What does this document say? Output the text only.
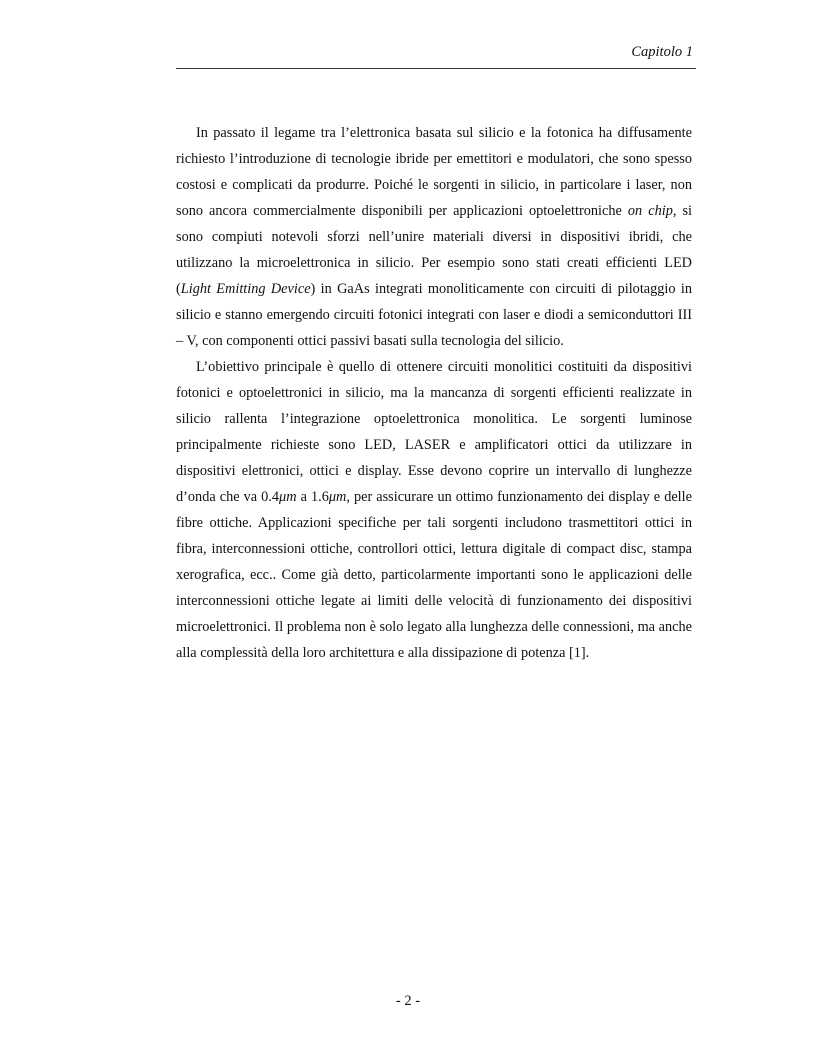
Capitolo 1

In passato il legame tra l’elettronica basata sul silicio e la fotonica ha diffusamente richiesto l’introduzione di tecnologie ibride per emettitori e modulatori, che sono spesso costosi e complicati da produrre. Poiché le sorgenti in silicio, in particolare i laser, non sono ancora commercialmente disponibili per applicazioni optoelettroniche on chip, si sono compiuti notevoli sforzi nell’unire materiali diversi in dispositivi ibridi, che utilizzano la microelettronica in silicio. Per esempio sono stati creati efficienti LED (Light Emitting Device) in GaAs integrati monoliticamente con circuiti di pilotaggio in silicio e stanno emergendo circuiti fotonici integrati con laser e diodi a semiconduttori III – V, con componenti ottici passivi basati sulla tecnologia del silicio.

L’obiettivo principale è quello di ottenere circuiti monolitici costituiti da dispositivi fotonici e optoelettronici in silicio, ma la mancanza di sorgenti efficienti realizzate in silicio rallenta l’integrazione optoelettronica monolitica. Le sorgenti luminose principalmente richieste sono LED, LASER e amplificatori ottici da utilizzare in dispositivi elettronici, ottici e display. Esse devono coprire un intervallo di lunghezze d’onda che va 0.4μm a 1.6μm, per assicurare un ottimo funzionamento dei display e delle fibre ottiche. Applicazioni specifiche per tali sorgenti includono trasmettitori ottici in fibra, interconnessioni ottiche, controllori ottici, lettura digitale di compact disc, stampa xerografica, ecc.. Come già detto, particolarmente importanti sono le applicazioni delle interconnessioni ottiche legate ai limiti delle velocità di funzionamento dei dispositivi microelettronici. Il problema non è solo legato alla lunghezza delle connessioni, ma anche alla complessità della loro architettura e alla dissipazione di potenza [1].

- 2 -
